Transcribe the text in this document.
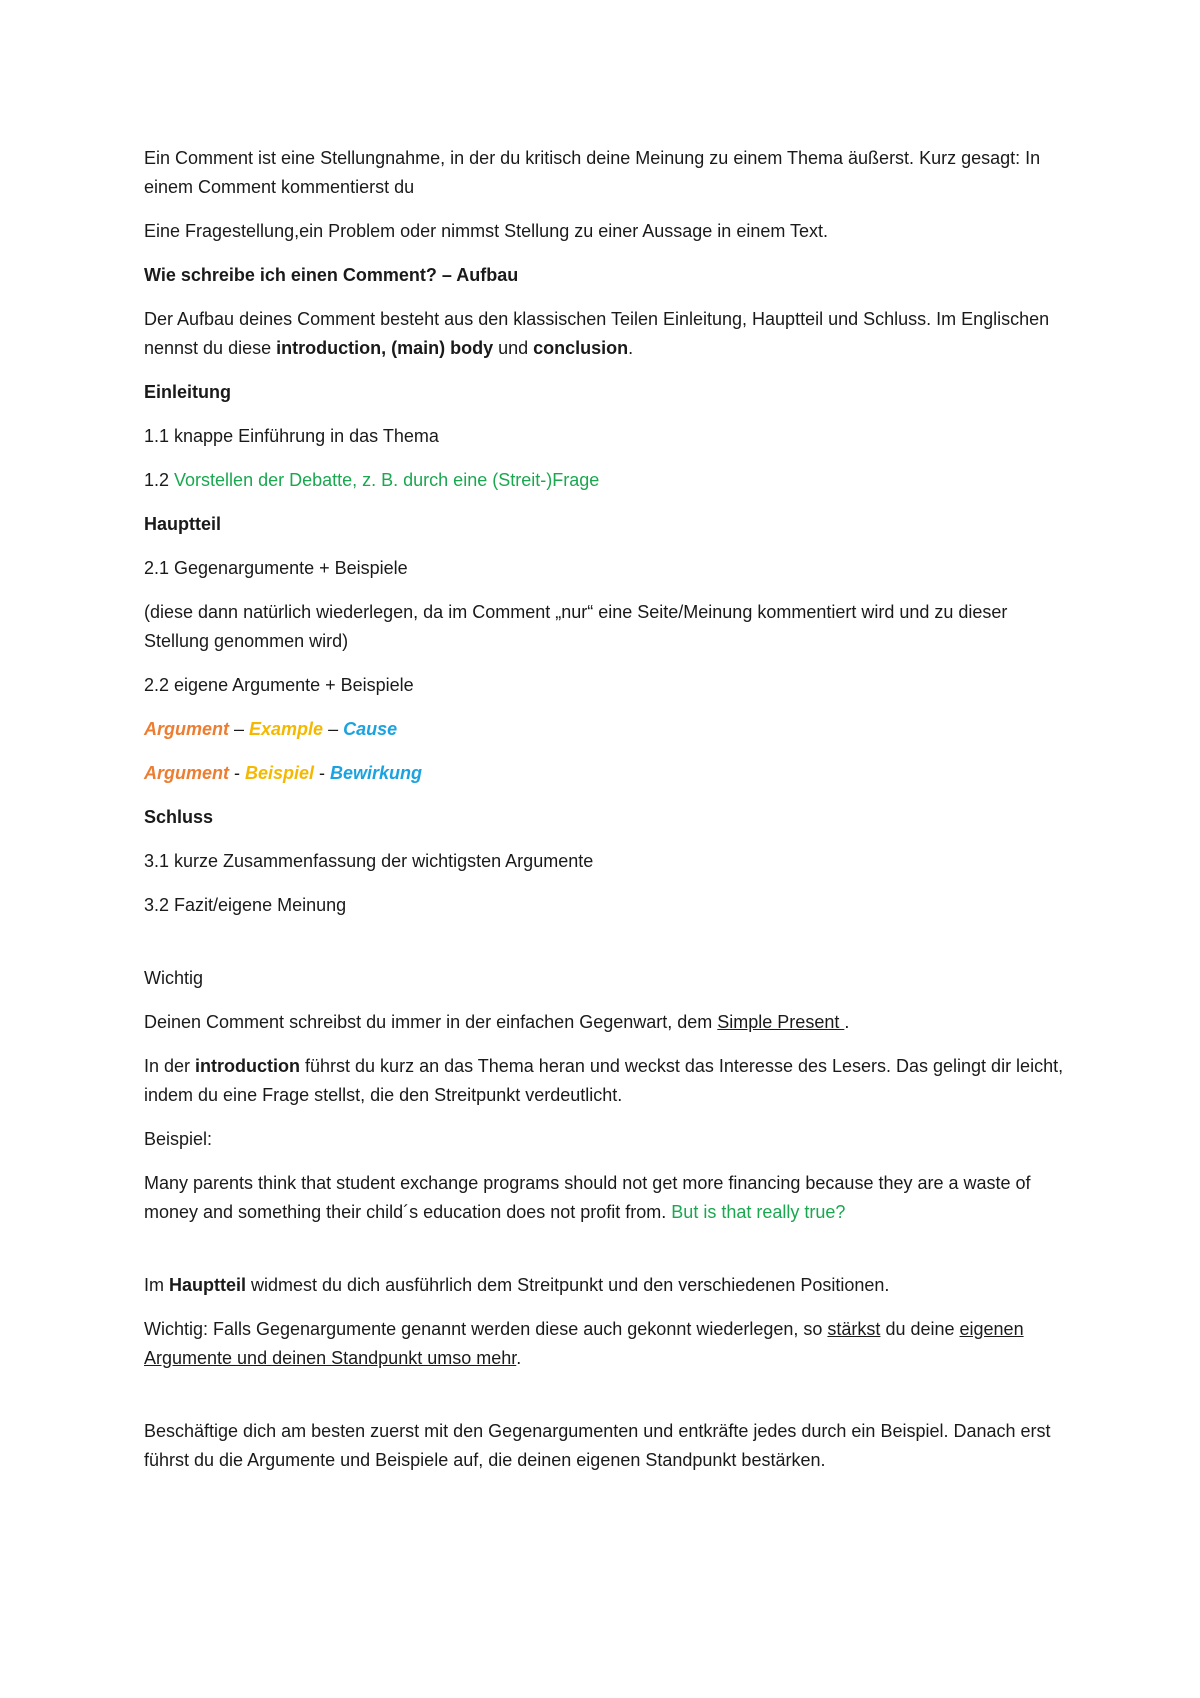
Ein Comment ist eine Stellungnahme, in der du kritisch deine Meinung zu einem Thema äußerst. Kurz gesagt: In einem Comment kommentierst du

Eine Fragestellung,ein Problem oder nimmst Stellung zu einer Aussage in einem Text.

Wie schreibe ich einen Comment? – Aufbau

Der Aufbau deines Comment besteht aus den klassischen Teilen Einleitung, Hauptteil und Schluss. Im Englischen nennst du diese introduction, (main) body und conclusion.

Einleitung

1.1 knappe Einführung in das Thema

1.2 Vorstellen der Debatte, z. B. durch eine (Streit-)Frage

Hauptteil

2.1 Gegenargumente + Beispiele

(diese dann natürlich wiederlegen, da im Comment „nur“ eine Seite/Meinung kommentiert wird und zu dieser Stellung genommen wird)

2.2 eigene Argumente + Beispiele

Argument – Example – Cause

Argument - Beispiel - Bewirkung

Schluss

3.1 kurze Zusammenfassung der wichtigsten Argumente

3.2 Fazit/eigene Meinung

Wichtig

Deinen Comment schreibst du immer in der einfachen Gegenwart, dem Simple Present .

In der introduction führst du kurz an das Thema heran und weckst das Interesse des Lesers. Das gelingt dir leicht, indem du eine Frage stellst, die den Streitpunkt verdeutlicht.

Beispiel:

Many parents think that student exchange programs should not get more financing because they are a waste of money and something their child´s education does not profit from. But is that really true?

Im Hauptteil widmest du dich ausführlich dem Streitpunkt und den verschiedenen Positionen.

Wichtig: Falls Gegenargumente genannt werden diese auch gekonnt wiederlegen, so stärkst du deine eigenen Argumente und deinen Standpunkt umso mehr.

Beschäftige dich am besten zuerst mit den Gegenargumenten und entkräfte jedes durch ein Beispiel. Danach erst führst du die Argumente und Beispiele auf, die deinen eigenen Standpunkt bestärken.
